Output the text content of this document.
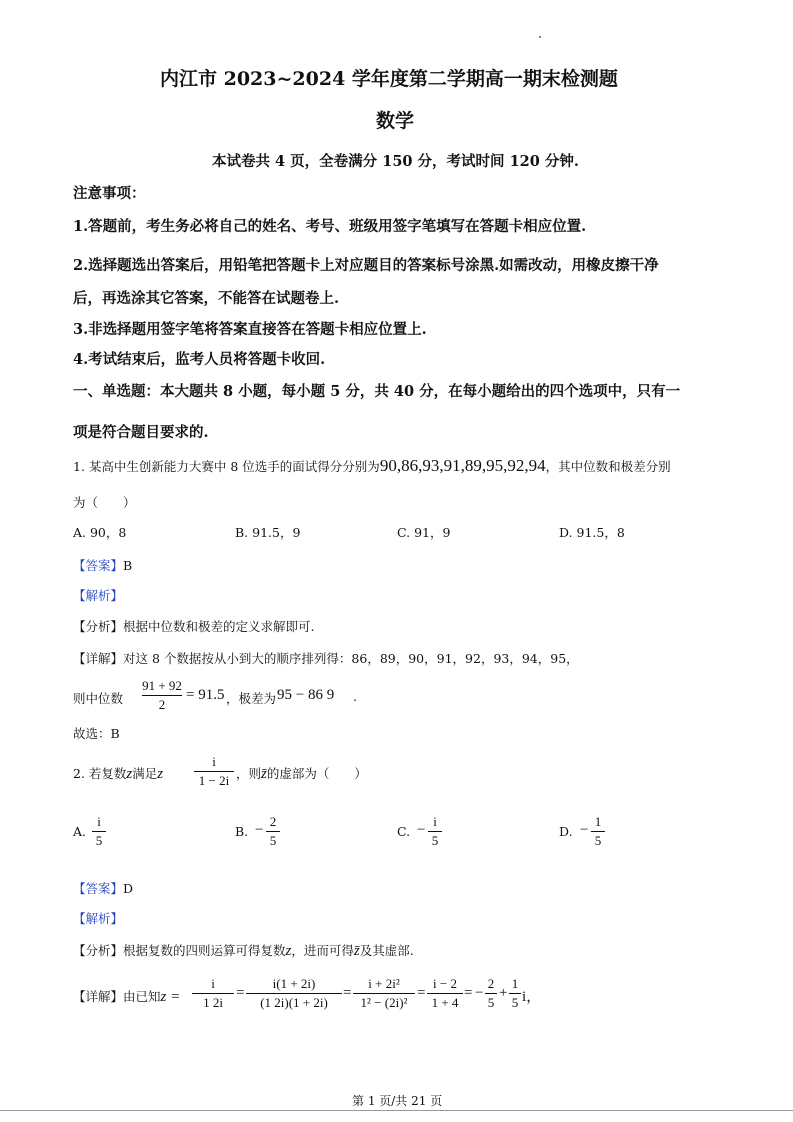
内江市 2023~2024 学年度第二学期高一期末检测题
数学
本试卷共 4 页，全卷满分 150 分，考试时间 120 分钟.
注意事项：
1.答题前，考生务必将自己的姓名、考号、班级用签字笔填写在答题卡相应位置.
2.选择题选出答案后，用铅笔把答题卡上对应题目的答案标号涂黑.如需改动，用橡皮擦干净
后，再选涂其它答案，不能答在试题卷上.
3.非选择题用签字笔将答案直接答在答题卡相应位置上.
4.考试结束后，监考人员将答题卡收回.
一、单选题：本大题共 8 小题，每小题 5 分，共 40 分，在每小题给出的四个选项中，只有一
项是符合题目要求的.
1. 某高中生创新能力大赛中 8 位选手的面试得分分别为90,86,93,91,89,95,92,94，其中位数和极差分别
为（　　）
A. 90，8	B. 91.5，9	C. 91，9	D. 91.5，8
【答案】B
【解析】
【分析】根据中位数和极差的定义求解即可.
【详解】对这 8 个数据按从小到大的顺序排列得：86，89，90，91，92，93，94，95，
则中位数
91 + 92
2
= 91.5 ，极差为 95 − 86 9 .
故选：B
2. 若复数z满足z
i
1 − 2i ，则z̄的虚部为（　　）
A.
i
5
B. −
2
5
C. −
i
5
D. −
1
5
【答案】D
【解析】
【分析】根据复数的四则运算可得复数z，进而可得z̄及其虚部.
【详解】由已知z =
i
1 2i
=
i(1 + 2i)
(1 2i)(1 + 2i)
=
i + 2i²
1² − (2i)²
=
i − 2
1 + 4
= −
2
5
+
1
5 i，
第 1 页/共 21 页
